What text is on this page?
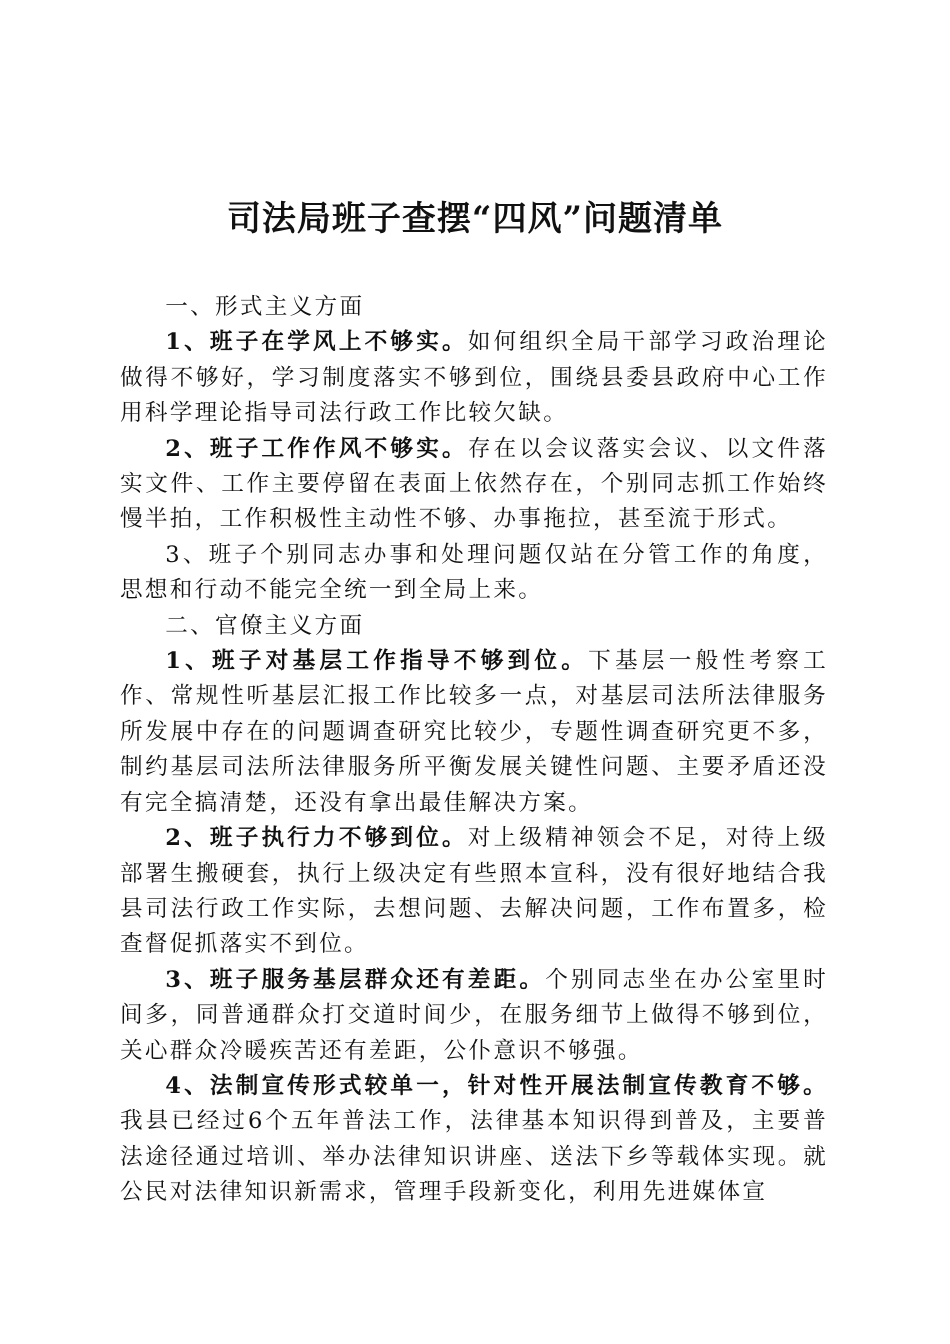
司法局班子查摆“四风”问题清单

一、形式主义方面

1、班子在学风上不够实。如何组织全局干部学习政治理论做得不够好，学习制度落实不够到位，围绕县委县政府中心工作用科学理论指导司法行政工作比较欠缺。

2、班子工作作风不够实。存在以会议落实会议、以文件落实文件、工作主要停留在表面上依然存在，个别同志抓工作始终慢半拍，工作积极性主动性不够、办事拖拉，甚至流于形式。

3、班子个别同志办事和处理问题仅站在分管工作的角度，思想和行动不能完全统一到全局上来。

二、官僚主义方面

1、班子对基层工作指导不够到位。下基层一般性考察工作、常规性听基层汇报工作比较多一点，对基层司法所法律服务所发展中存在的问题调查研究比较少，专题性调查研究更不多，制约基层司法所法律服务所平衡发展关键性问题、主要矛盾还没有完全搞清楚，还没有拿出最佳解决方案。

2、班子执行力不够到位。对上级精神领会不足，对待上级部署生搬硬套，执行上级决定有些照本宣科，没有很好地结合我县司法行政工作实际，去想问题、去解决问题，工作布置多，检查督促抓落实不到位。

3、班子服务基层群众还有差距。个别同志坐在办公室里时间多，同普通群众打交道时间少，在服务细节上做得不够到位，关心群众冷暖疾苦还有差距，公仆意识不够强。

4、法制宣传形式较单一，针对性开展法制宣传教育不够。我县已经过6个五年普法工作，法律基本知识得到普及，主要普法途径通过培训、举办法律知识讲座、送法下乡等载体实现。就公民对法律知识新需求，管理手段新变化，利用先进媒体宣
